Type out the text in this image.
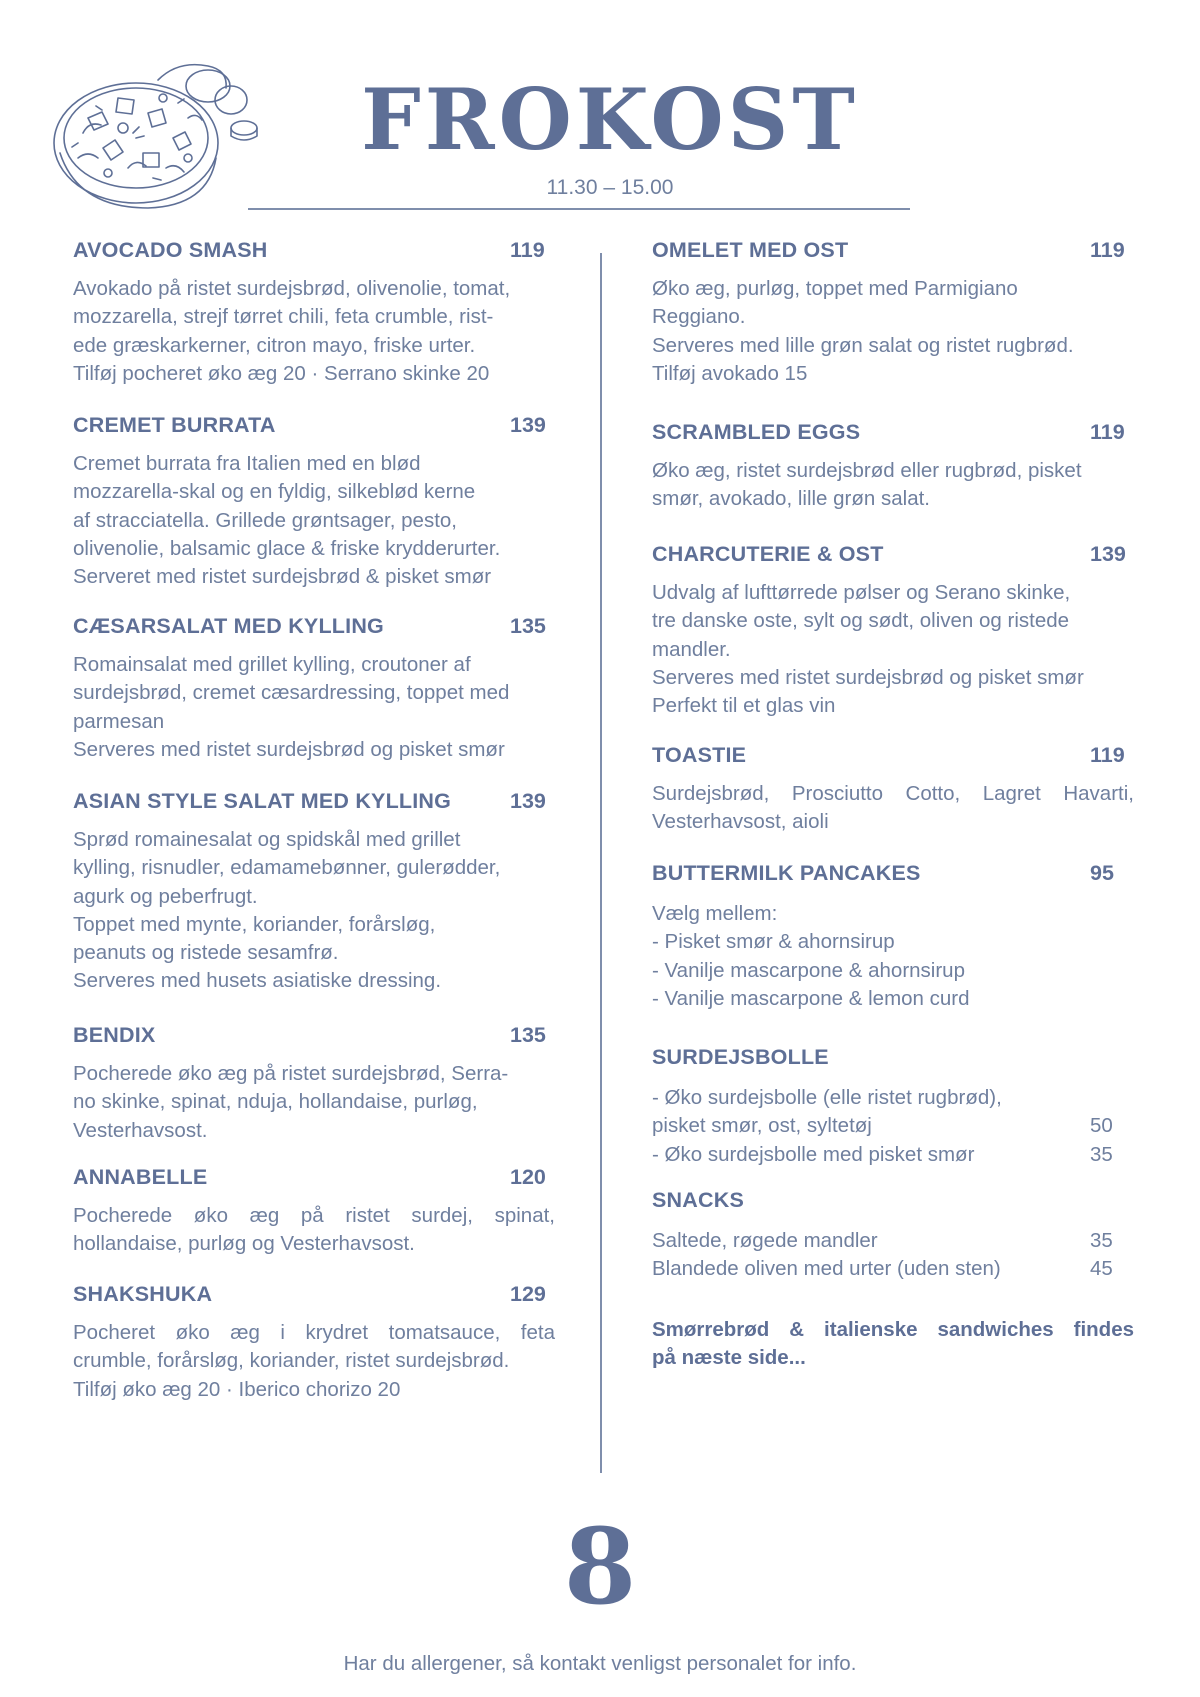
FROKOST
11.30 – 15.00
AVOCADO SMASH	119
Avokado på ristet surdejsbrød, olivenolie, tomat,
mozzarella, strejf tørret chili, feta crumble, rist-
ede græskarkerner, citron mayo, friske urter.
Tilføj pocheret øko æg 20 · Serrano skinke 20
CREMET BURRATA	139
Cremet burrata fra Italien med en blød
mozzarella-skal og en fyldig, silkeblød kerne
af stracciatella. Grillede grøntsager, pesto,
olivenolie, balsamic glace & friske krydderurter.
Serveret med ristet surdejsbrød & pisket smør
CÆSARSALAT MED KYLLING	135
Romainsalat med grillet kylling, croutoner af
surdejsbrød, cremet cæsardressing, toppet med
parmesan
Serveres med ristet surdejsbrød og pisket smør
ASIAN STYLE SALAT MED KYLLING	139
Sprød romainesalat og spidskål med grillet
kylling, risnudler, edamamebønner, gulerødder,
agurk og peberfrugt.
Toppet med mynte, koriander, forårsløg,
peanuts og ristede sesamfrø.
Serveres med husets asiatiske dressing.
BENDIX	135
Pocherede øko æg på ristet surdejsbrød, Serra-
no skinke, spinat, nduja, hollandaise, purløg,
Vesterhavsost.
ANNABELLE	120
Pocherede øko æg på ristet surdej, spinat,
hollandaise, purløg og Vesterhavsost.
SHAKSHUKA	129
Pocheret øko æg i krydret tomatsauce, feta
crumble, forårsløg, koriander, ristet surdejsbrød.
Tilføj øko æg 20 · Iberico chorizo 20
OMELET MED OST	119
Øko æg, purløg, toppet med Parmigiano
Reggiano.
Serveres med lille grøn salat og ristet rugbrød.
Tilføj avokado 15
SCRAMBLED EGGS	119
Øko æg, ristet surdejsbrød eller rugbrød, pisket
smør, avokado, lille grøn salat.
CHARCUTERIE & OST	139
Udvalg af lufttørrede pølser og Serano skinke,
tre danske oste, sylt og sødt, oliven og ristede
mandler.
Serveres med ristet surdejsbrød og pisket smør
Perfekt til et glas vin
TOASTIE	119
Surdejsbrød, Prosciutto Cotto, Lagret Havarti,
Vesterhavsost, aioli
BUTTERMILK PANCAKES	95
Vælg mellem:
- Pisket smør & ahornsirup
- Vanilje mascarpone & ahornsirup
- Vanilje mascarpone & lemon curd
SURDEJSBOLLE
- Øko surdejsbolle (elle ristet rugbrød),
pisket smør, ost, syltetøj	50
- Øko surdejsbolle med pisket smør	35
SNACKS
Saltede, røgede mandler	35
Blandede oliven med urter (uden sten)	45
Smørrebrød & italienske sandwiches findes
på næste side...
8
Har du allergener, så kontakt venligst personalet for info.
